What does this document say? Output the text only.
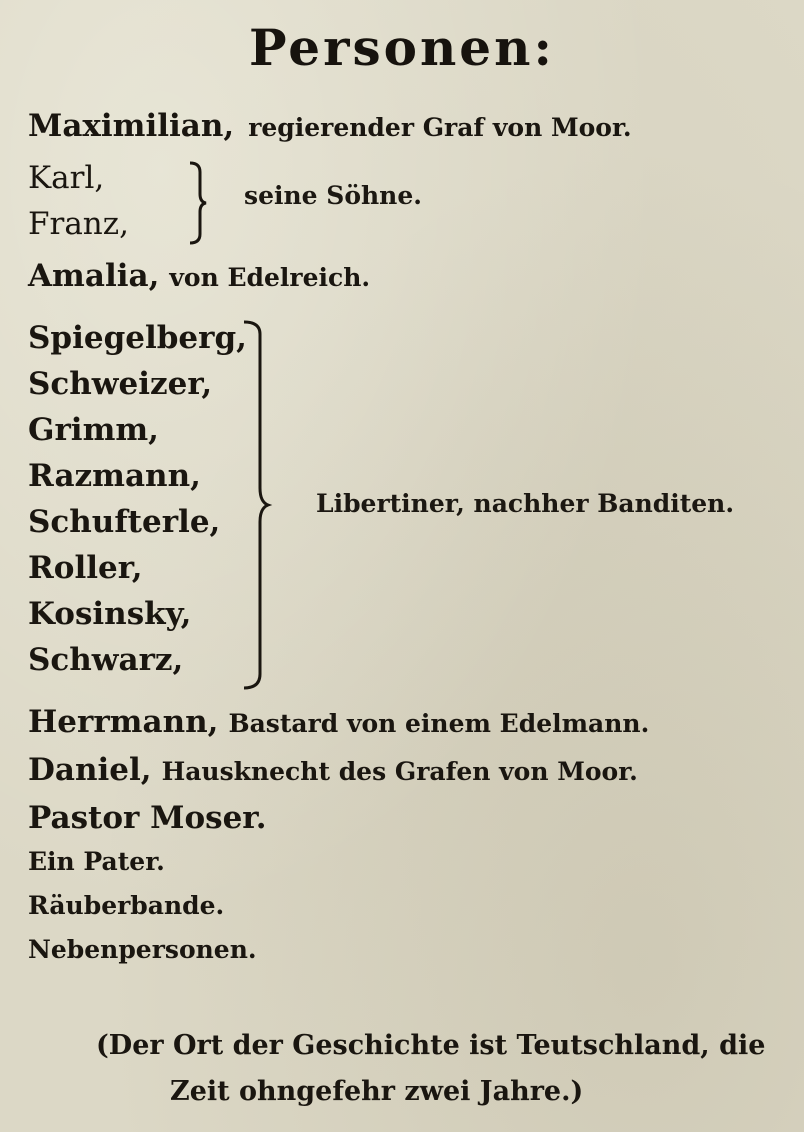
Personen:
Maximilian, regierender Graf von Moor.
Karl,
Franz,
seine Söhne.
Amalia, von Edelreich.
Spiegelberg,
Schweizer,
Grimm,
Razmann,
Schufterle,
Roller,
Kosinsky,
Schwarz,
Libertiner, nachher Banditen.
Herrmann, Bastard von einem Edelmann.
Daniel, Hausknecht des Grafen von Moor.
Pastor Moser.
Ein Pater.
Räuberbande.
Nebenpersonen.
(Der Ort der Geschichte ist Teutschland, die
Zeit ohngefehr zwei Jahre.)
